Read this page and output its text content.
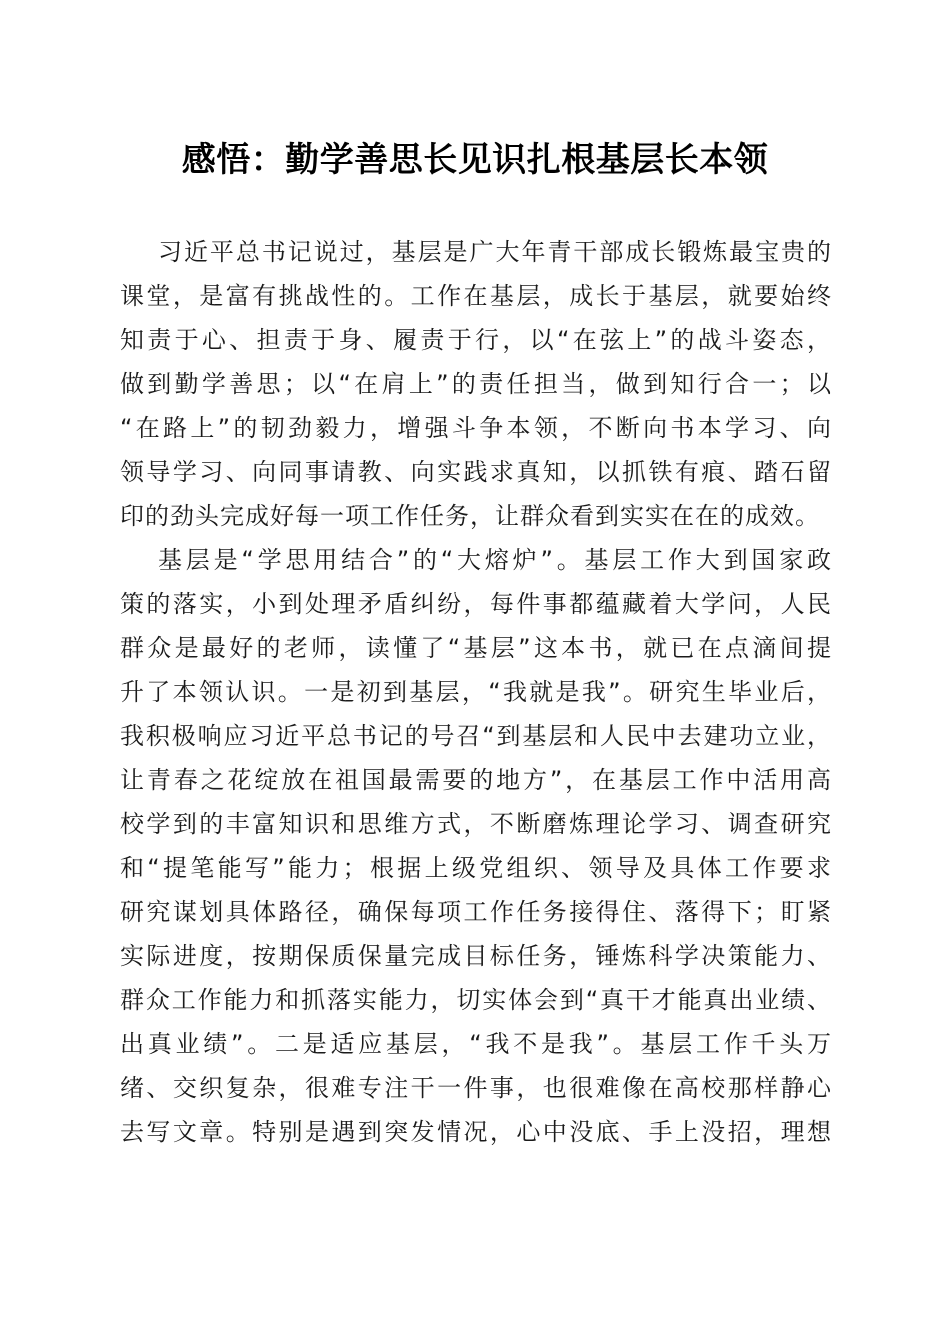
感悟：勤学善思长见识扎根基层长本领
习近平总书记说过，基层是广大年青干部成长锻炼最宝贵的
课堂，是富有挑战性的。工作在基层，成长于基层，就要始终
知责于心、担责于身、履责于行，以“在弦上”的战斗姿态，
做到勤学善思；以“在肩上”的责任担当，做到知行合一；以
“在路上”的韧劲毅力，增强斗争本领，不断向书本学习、向
领导学习、向同事请教、向实践求真知，以抓铁有痕、踏石留
印的劲头完成好每一项工作任务，让群众看到实实在在的成效。
基层是“学思用结合”的“大熔炉”。基层工作大到国家政
策的落实，小到处理矛盾纠纷，每件事都蕴藏着大学问，人民
群众是最好的老师，读懂了“基层”这本书，就已在点滴间提
升了本领认识。一是初到基层，“我就是我”。研究生毕业后，
我积极响应习近平总书记的号召“到基层和人民中去建功立业，
让青春之花绽放在祖国最需要的地方”，在基层工作中活用高
校学到的丰富知识和思维方式，不断磨炼理论学习、调查研究
和“提笔能写”能力；根据上级党组织、领导及具体工作要求
研究谋划具体路径，确保每项工作任务接得住、落得下；盯紧
实际进度，按期保质保量完成目标任务，锤炼科学决策能力、
群众工作能力和抓落实能力，切实体会到“真干才能真出业绩、
出真业绩”。二是适应基层，“我不是我”。基层工作千头万
绪、交织复杂，很难专注干一件事，也很难像在高校那样静心
去写文章。特别是遇到突发情况，心中没底、手上没招，理想
